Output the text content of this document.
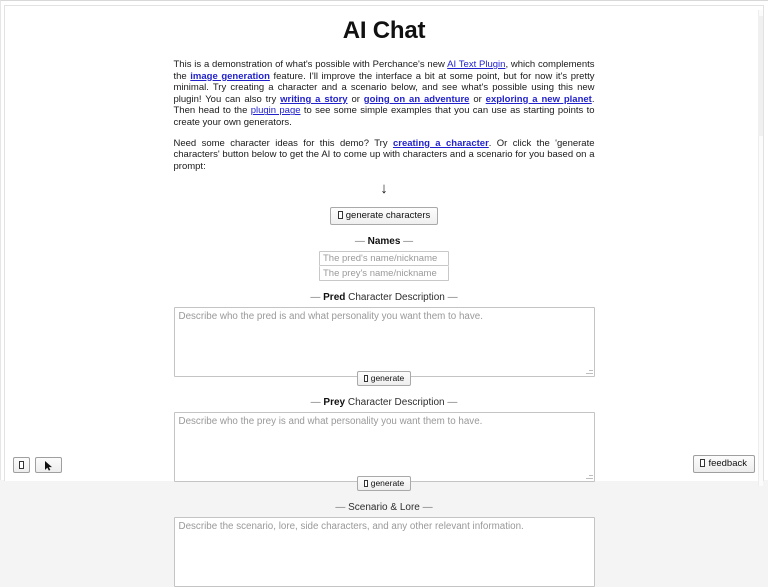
AI Chat

This is a demonstration of what's possible with Perchance's new AI Text Plugin, which complements the image generation feature. I'll improve the interface a bit at some point, but for now it's pretty minimal. Try creating a character and a scenario below, and see what's possible using this new plugin! You can also try writing a story or going on an adventure or exploring a new planet. Then head to the plugin page to see some simple examples that you can use as starting points to create your own generators.

Need some character ideas for this demo? Try creating a character. Or click the 'generate characters' button below to get the AI to come up with characters and a scenario for you based on a prompt:

↓
generate characters
— Names —
The pred's name/nickname
The prey's name/nickname
— Pred Character Description —
Describe who the pred is and what personality you want them to have.
generate
— Prey Character Description —
Describe who the prey is and what personality you want them to have.
generate
— Scenario & Lore —
Describe the scenario, lore, side characters, and any other relevant information.
feedback
